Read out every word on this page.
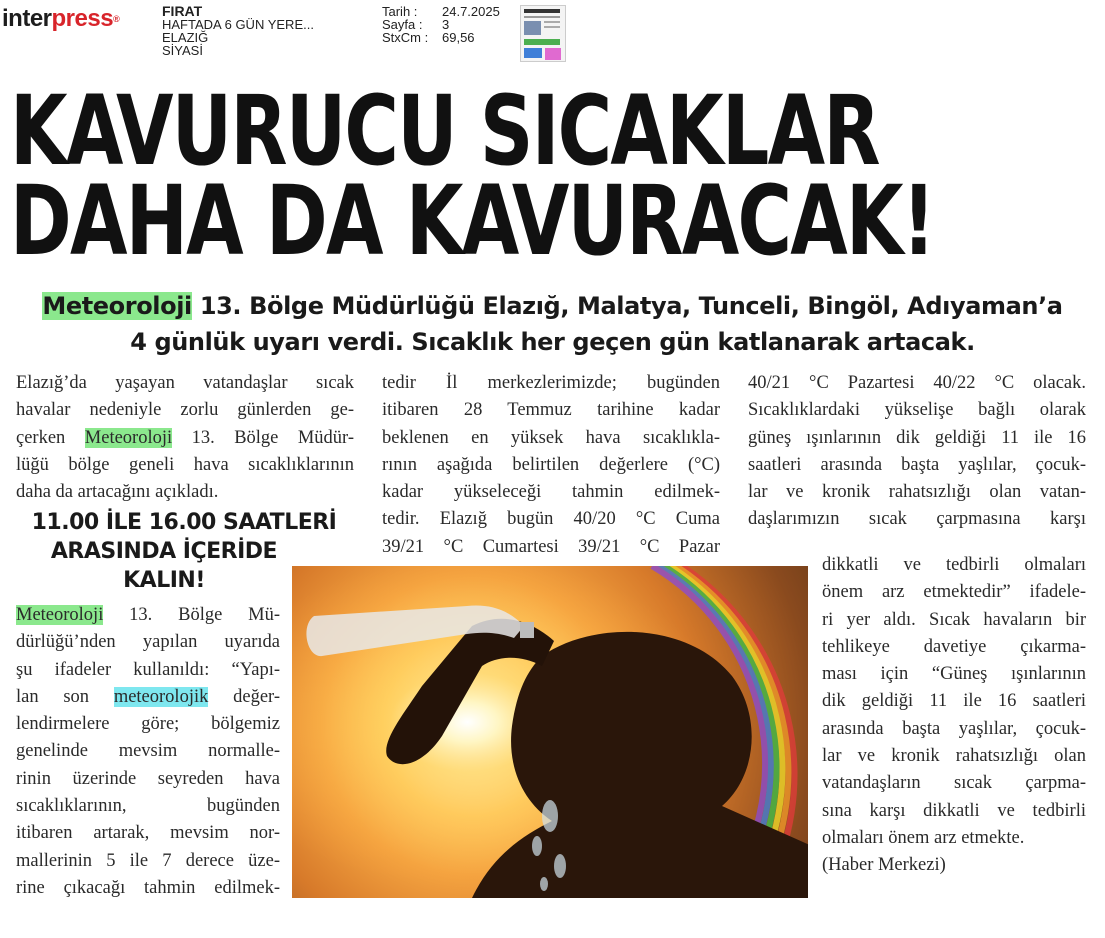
interpress®	FIRAT
HAFTADA 6 GÜN YERE...
ELAZIĞ
SİYASİ
Tarih :	24.7.2025
Sayfa :	3
StxCm :	69,56
KAVURUCU SICAKLAR
DAHA DA KAVURACAK!
Meteoroloji 13. Bölge Müdürlüğü Elazığ, Malatya, Tunceli, Bingöl, Adıyaman’a
4 günlük uyarı verdi. Sıcaklık her geçen gün katlanarak artacak.
Elazığ’da yaşayan vatandaşlar sıcak
havalar nedeniyle zorlu günlerden ge-
çerken Meteoroloji 13. Bölge Müdür-
lüğü bölge geneli hava sıcaklıklarının
daha da artacağını açıkladı.
11.00 İLE 16.00 SAATLERİ
ARASINDA İÇERİDE
KALIN!
Meteoroloji 13. Bölge Mü-
dürlüğü’nden yapılan uyarıda
şu ifadeler kullanıldı: “Yapı-
lan son meteorolojik değer-
lendirmelere göre; bölgemiz
genelinde mevsim normalle-
rinin üzerinde seyreden hava
sıcaklıklarının, bugünden
itibaren artarak, mevsim nor-
mallerinin 5 ile 7 derece üze-
rine çıkacağı tahmin edilmek-
tedir İl merkezlerimizde; bugünden
itibaren 28 Temmuz tarihine kadar
beklenen en yüksek hava sıcaklıkla-
rının aşağıda belirtilen değerlere (°C)
kadar yükseleceği tahmin edilmek-
tedir. Elazığ bugün 40/20 °C Cuma
39/21 °C Cumartesi 39/21 °C Pazar
40/21 °C Pazartesi 40/22 °C olacak.
Sıcaklıklardaki yükselişe bağlı olarak
güneş ışınlarının dik geldiği 11 ile 16
saatleri arasında başta yaşlılar, çocuk-
lar ve kronik rahatsızlığı olan vatan-
daşlarımızın sıcak çarpmasına karşı
dikkatli ve tedbirli olmaları
önem arz etmektedir” ifadele-
ri yer aldı. Sıcak havaların bir
tehlikeye davetiye çıkarma-
ması için “Güneş ışınlarının
dik geldiği 11 ile 16 saatleri
arasında başta yaşlılar, çocuk-
lar ve kronik rahatsızlığı olan
vatandaşların sıcak çarpma-
sına karşı dikkatli ve tedbirli
olmaları önem arz etmekte.
(Haber Merkezi)
